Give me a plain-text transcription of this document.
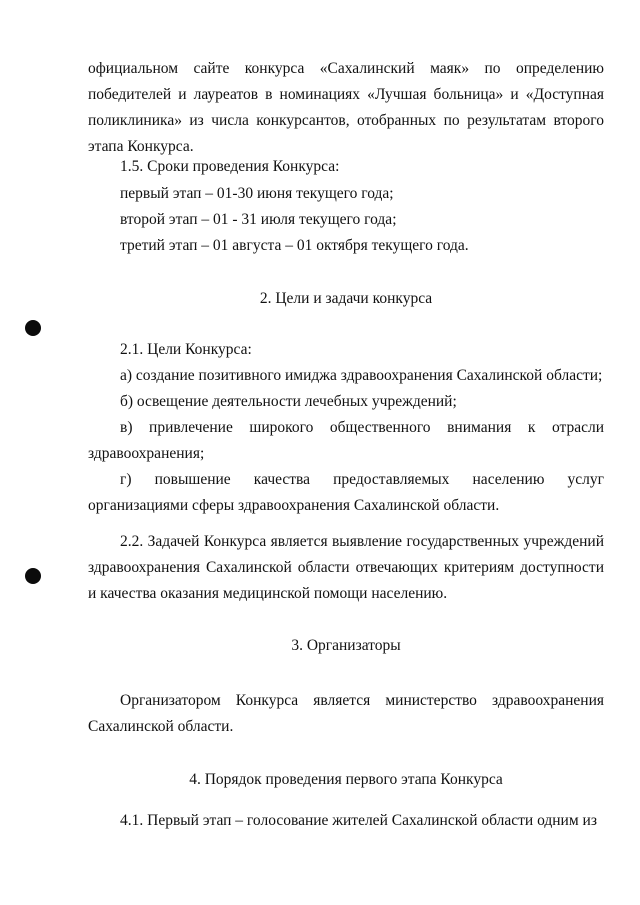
официальном сайте конкурса «Сахалинский маяк» по определению победителей и лауреатов в номинациях «Лучшая больница» и «Доступная поликлиника» из числа конкурсантов, отобранных по результатам второго этапа Конкурса.

1.5. Сроки проведения Конкурса:

первый этап – 01-30 июня текущего года;

второй этап – 01 - 31 июля текущего года;

третий этап – 01 августа – 01 октября текущего года.

2. Цели и задачи конкурса

2.1. Цели Конкурса:

а) создание позитивного имиджа здравоохранения Сахалинской области;

б) освещение деятельности лечебных учреждений;

в) привлечение широкого общественного внимания к отрасли здравоохранения;

г) повышение качества предоставляемых населению услуг организациями сферы здравоохранения Сахалинской области.

2.2. Задачей Конкурса является выявление государственных учреждений здравоохранения Сахалинской области отвечающих критериям доступности и качества оказания медицинской помощи населению.

3. Организаторы

Организатором Конкурса является министерство здравоохранения Сахалинской области.

4. Порядок проведения первого этапа Конкурса

4.1. Первый этап – голосование жителей Сахалинской области одним из
